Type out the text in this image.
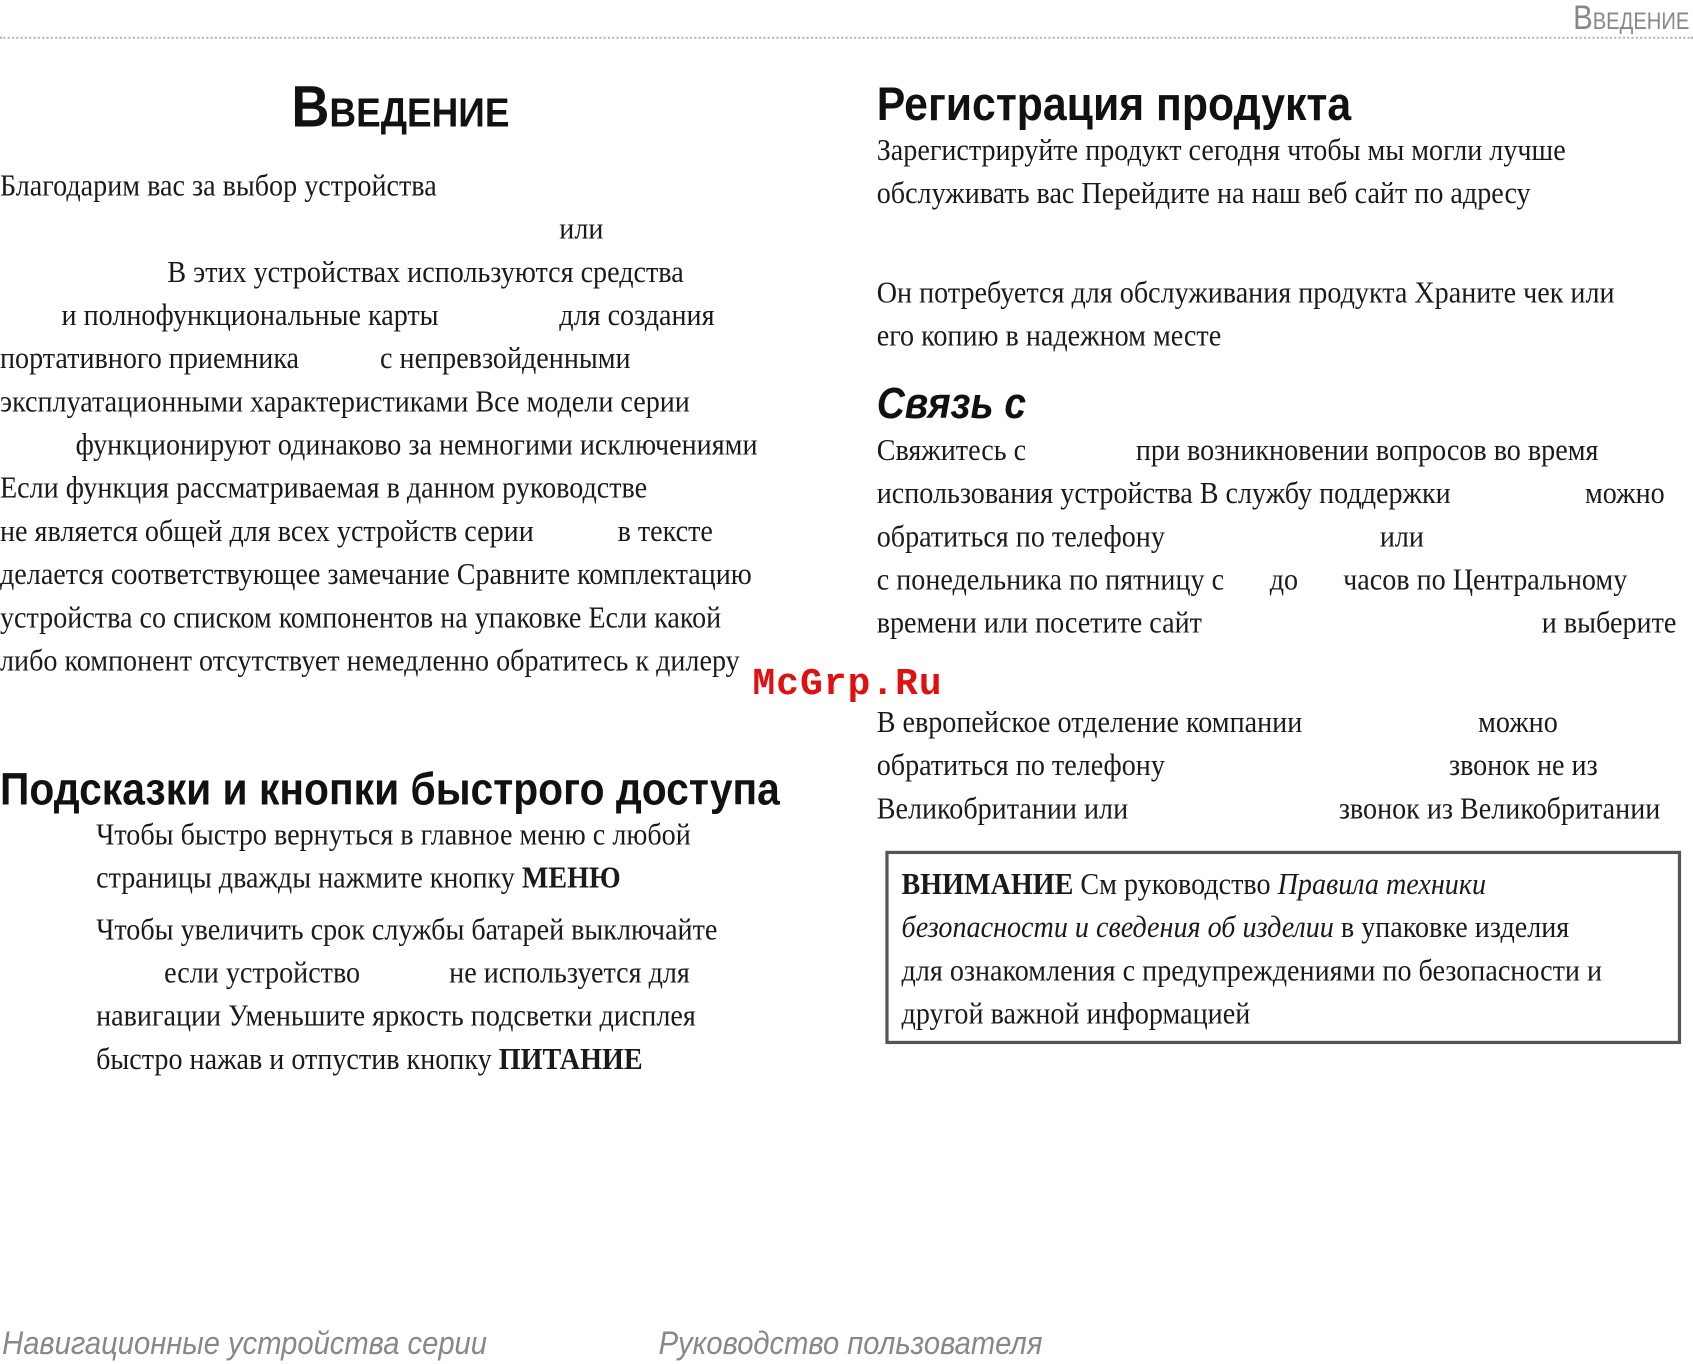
Введение
Введение
Благодарим вас за выбор устройства
или
В этих устройствах используются средства
и полнофункциональные карты	для создания
портативного приемника	с непревзойденными
эксплуатационными характеристиками Все модели серии
функционируют одинаково за немногими исключениями
Если функция рассматриваемая в данном руководстве
не является общей для всех устройств серии	в тексте
делается соответствующее замечание Сравните комплектацию
устройства со списком компонентов на упаковке Если какой
либо компонент отсутствует немедленно обратитесь к дилеру
McGrp.Ru
Подсказки и кнопки быстрого доступа
Чтобы быстро вернуться в главное меню с любой
страницы дважды нажмите кнопку МЕНЮ
Чтобы увеличить срок службы батарей выключайте
если устройство	не используется для
навигации Уменьшите яркость подсветки дисплея
быстро нажав и отпустив кнопку ПИТАНИЕ
Регистрация продукта
Зарегистрируйте продукт сегодня чтобы мы могли лучше
обслуживать вас Перейдите на наш веб сайт по адресу
Он потребуется для обслуживания продукта Храните чек или
его копию в надежном месте
Связь с
Свяжитесь с	при возникновении вопросов во время
использования устройства В службу поддержки	можно
обратиться по телефону	или
с понедельника по пятницу с до часов по Центральному
времени или посетите сайт	и выберите
В европейское отделение компании	можно
обратиться по телефону	звонок не из
Великобритании или	звонок из Великобритании
ВНИМАНИЕ См руководство Правила техники
безопасности и сведения об изделии в упаковке изделия
для ознакомления с предупреждениями по безопасности и
другой важной информацией
Навигационные устройства серии	Руководство пользователя
